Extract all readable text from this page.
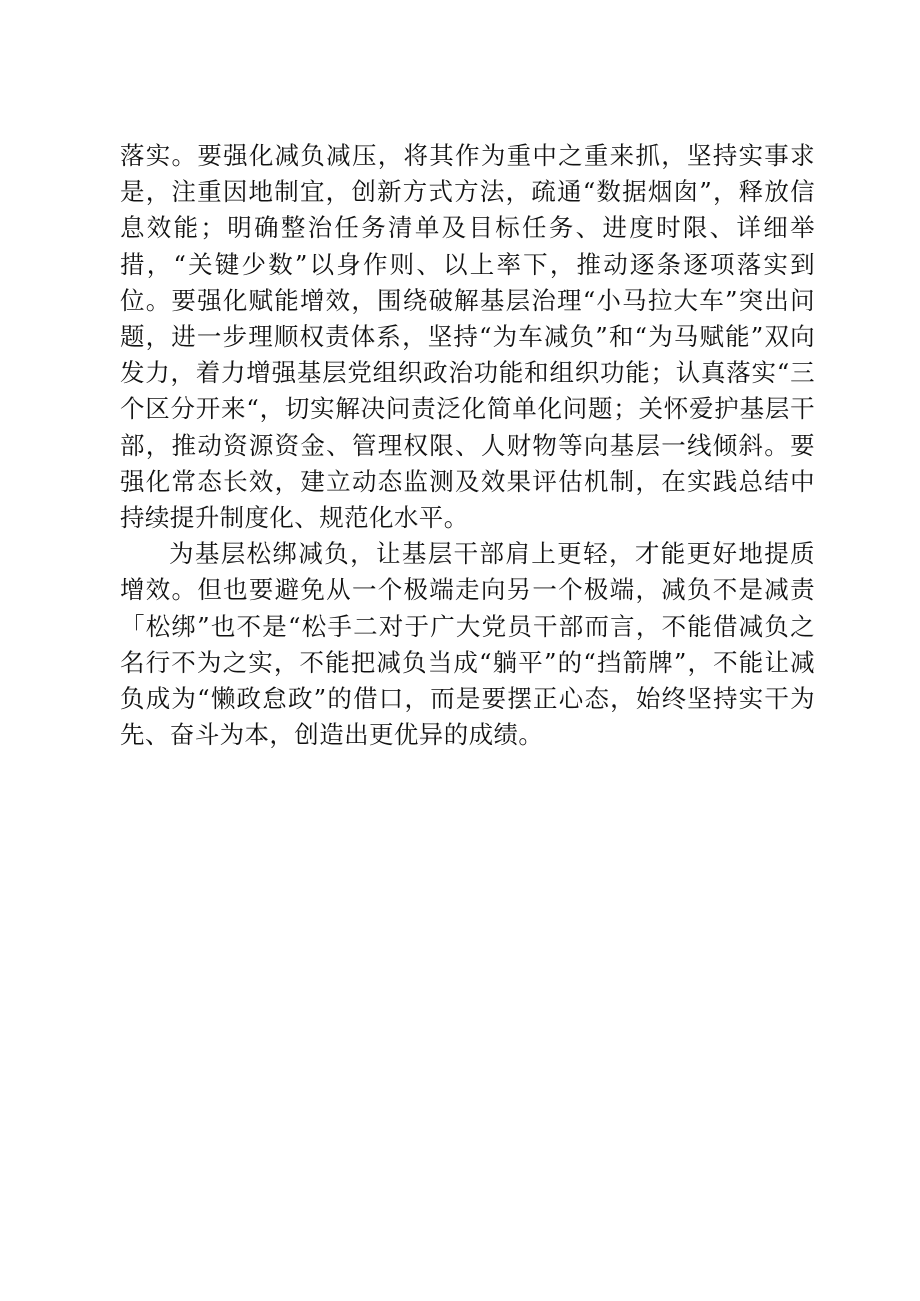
落实。要强化减负减压，将其作为重中之重来抓，坚持实事求是，注重因地制宜，创新方式方法，疏通“数据烟囱”，释放信息效能；明确整治任务清单及目标任务、进度时限、详细举措，“关键少数”以身作则、以上率下，推动逐条逐项落实到位。要强化赋能增效，围绕破解基层治理“小马拉大车”突出问题，进一步理顺权责体系，坚持“为车减负”和“为马赋能”双向发力，着力增强基层党组织政治功能和组织功能；认真落实“三个区分开来“，切实解决问责泛化简单化问题；关怀爱护基层干部，推动资源资金、管理权限、人财物等向基层一线倾斜。要强化常态长效，建立动态监测及效果评估机制，在实践总结中持续提升制度化、规范化水平。

为基层松绑减负，让基层干部肩上更轻，才能更好地提质增效。但也要避免从一个极端走向另一个极端，减负不是减责「松绑”也不是“松手二对于广大党员干部而言，不能借减负之名行不为之实，不能把减负当成“躺平”的“挡箭牌”，不能让减负成为“懒政怠政”的借口，而是要摆正心态，始终坚持实干为先、奋斗为本，创造出更优异的成绩。
